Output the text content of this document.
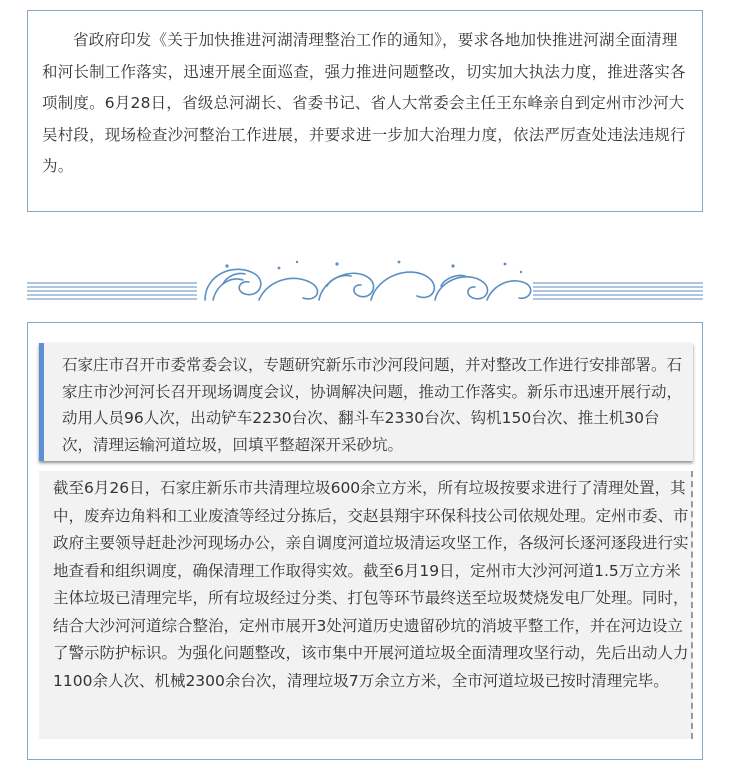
省政府印发《关于加快推进河湖清理整治工作的通知》，要求各地加快推进河湖全面清理和河长制工作落实，迅速开展全面巡查，强力推进问题整改，切实加大执法力度，推进落实各项制度。6月28日，省级总河湖长、省委书记、省人大常委会主任王东峰亲自到定州市沙河大吴村段，现场检查沙河整治工作进展，并要求进一步加大治理力度，依法严厉查处违法违规行为。

石家庄市召开市委常委会议，专题研究新乐市沙河段问题，并对整改工作进行安排部署。石家庄市沙河河长召开现场调度会议，协调解决问题，推动工作落实。新乐市迅速开展行动，动用人员96人次，出动铲车2230台次、翻斗车2330台次、钩机150台次、推土机30台次，清理运输河道垃圾，回填平整超深开采砂坑。

截至6月26日，石家庄新乐市共清理垃圾600余立方米，所有垃圾按要求进行了清理处置，其中，废弃边角料和工业废渣等经过分拣后，交赵县翔宇环保科技公司依规处理。定州市委、市政府主要领导赶赴沙河现场办公，亲自调度河道垃圾清运攻坚工作，各级河长逐河逐段进行实地查看和组织调度，确保清理工作取得实效。截至6月19日，定州市大沙河河道1.5万立方米主体垃圾已清理完毕，所有垃圾经过分类、打包等环节最终送至垃圾焚烧发电厂处理。同时，结合大沙河河道综合整治，定州市展开3处河道历史遗留砂坑的消坡平整工作，并在河边设立了警示防护标识。为强化问题整改，该市集中开展河道垃圾全面清理攻坚行动，先后出动人力1100余人次、机械2300余台次，清理垃圾7万余立方米，全市河道垃圾已按时清理完毕。
